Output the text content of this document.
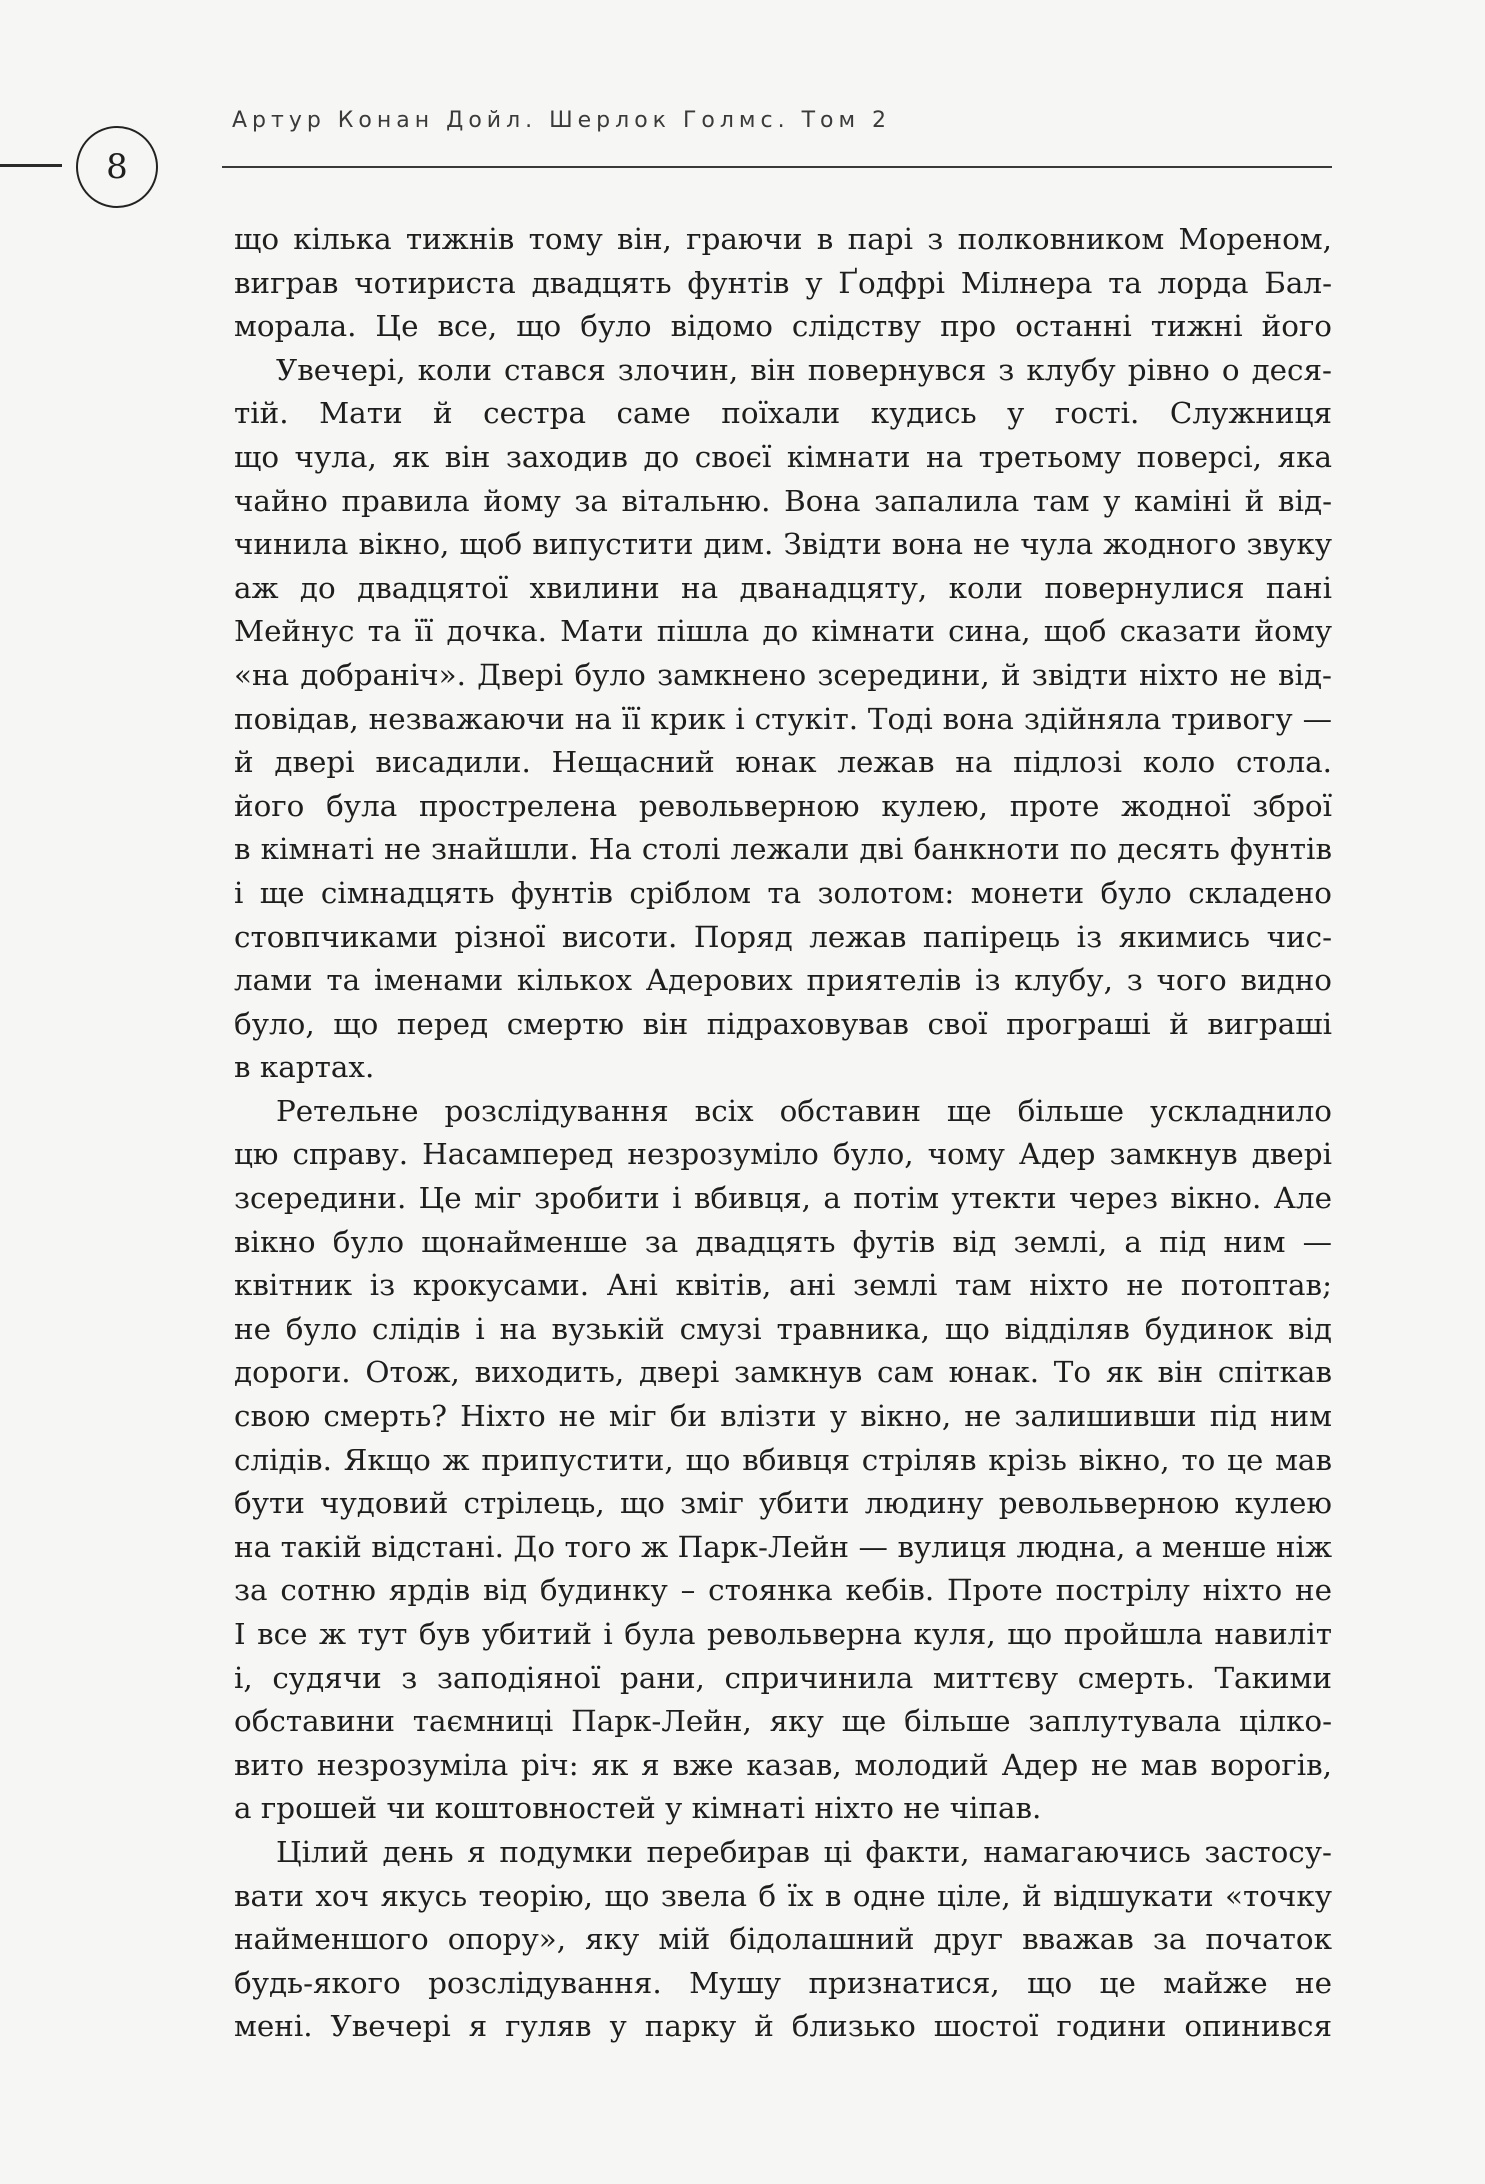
8
Артур Конан Дойл. Шерлок Голмс. Том 2
що кілька тижнів тому він, граючи в парі з полковником Мореном,
виграв чотириста двадцять фунтів у Ґодфрі Мілнера та лорда Бал-
морала. Це все, що було відомо слідству про останні тижні його
Увечері, коли стався злочин, він повернувся з клубу рівно о деся-
тій. Мати й сестра саме поїхали кудись у гості. Служниця
що чула, як він заходив до своєї кімнати на третьому поверсі, яка
чайно правила йому за вітальню. Вона запалила там у каміні й від-
чинила вікно, щоб випустити дим. Звідти вона не чула жодного звуку
аж до двадцятої хвилини на дванадцяту, коли повернулися пані
Мейнус та її дочка. Мати пішла до кімнати сина, щоб сказати йому
«на добраніч». Двері було замкнено зсередини, й звідти ніхто не від-
повідав, незважаючи на її крик і стукіт. Тоді вона здійняла тривогу —
й двері висадили. Нещасний юнак лежав на підлозі коло стола.
його була прострелена револьверною кулею, проте жодної зброї
в кімнаті не знайшли. На столі лежали дві банкноти по десять фунтів
і ще сімнадцять фунтів сріблом та золотом: монети було складено
стовпчиками різної висоти. Поряд лежав папірець із якимись чис-
лами та іменами кількох Адерових приятелів із клубу, з чого видно
було, що перед смертю він підраховував свої програші й виграші
в картах.
Ретельне розслідування всіх обставин ще більше ускладнило
цю справу. Насамперед незрозуміло було, чому Адер замкнув двері
зсередини. Це міг зробити і вбивця, а потім утекти через вікно. Але
вікно було щонайменше за двадцять футів від землі, а під ним —
квітник із крокусами. Ані квітів, ані землі там ніхто не потоптав;
не було слідів і на вузькій смузі травника, що відділяв будинок від
дороги. Отож, виходить, двері замкнув сам юнак. То як він спіткав
свою смерть? Ніхто не міг би влізти у вікно, не залишивши під ним
слідів. Якщо ж припустити, що вбивця стріляв крізь вікно, то це мав
бути чудовий стрілець, що зміг убити людину револьверною кулею
на такій відстані. До того ж Парк-Лейн — вулиця людна, а менше ніж
за сотню ярдів від будинку – стоянка кебів. Проте пострілу ніхто не
І все ж тут був убитий і була револьверна куля, що пройшла навиліт
і, судячи з заподіяної рани, спричинила миттєву смерть. Такими
обставини таємниці Парк-Лейн, яку ще більше заплутувала цілко-
вито незрозуміла річ: як я вже казав, молодий Адер не мав ворогів,
а грошей чи коштовностей у кімнаті ніхто не чіпав.
Цілий день я подумки перебирав ці факти, намагаючись застосу-
вати хоч якусь теорію, що звела б їх в одне ціле, й відшукати «точку
найменшого опору», яку мій бідолашний друг вважав за початок
будь-якого розслідування. Мушу признатися, що це майже не
мені. Увечері я гуляв у парку й близько шостої години опинився
